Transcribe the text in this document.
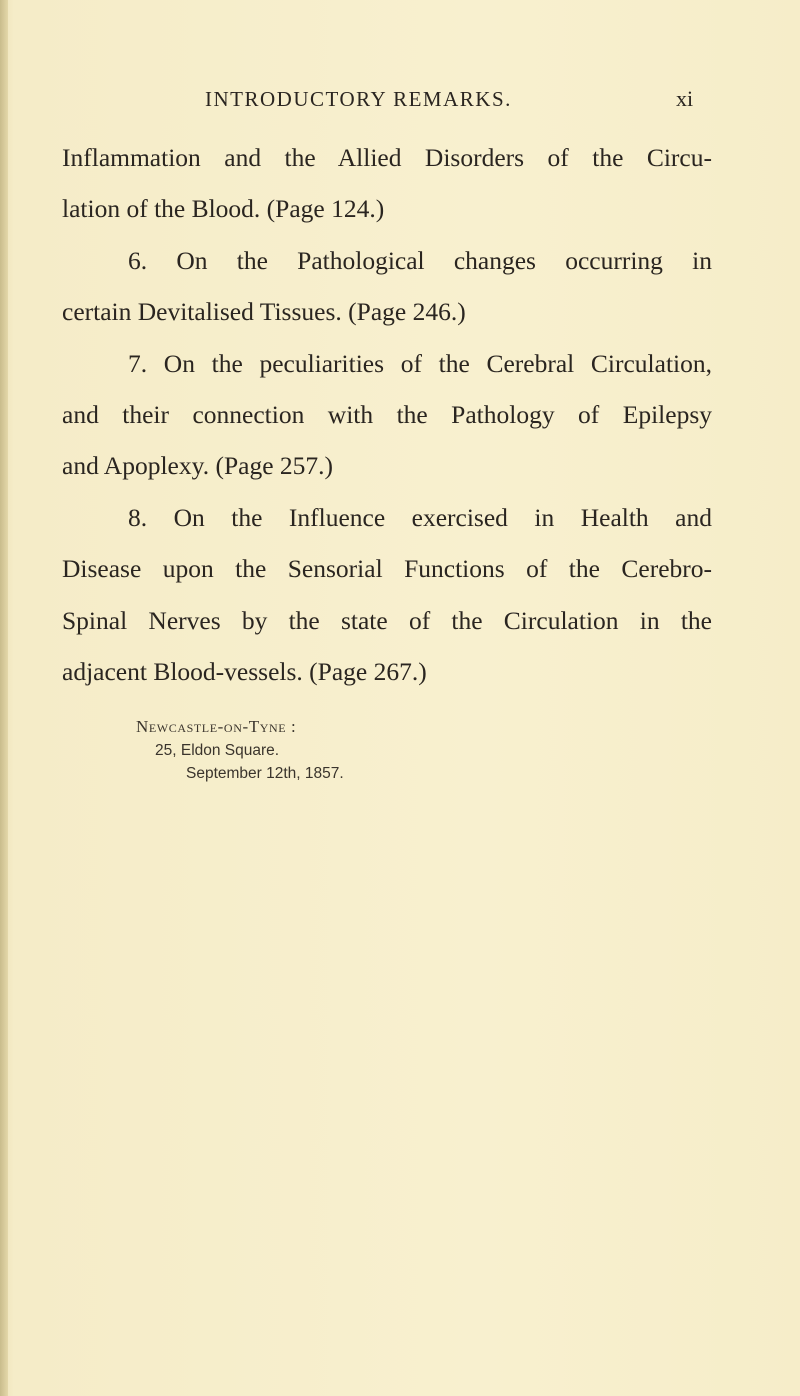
INTRODUCTORY REMARKS.	xi
Inflammation and the Allied Disorders of the Circu-
lation of the Blood. (Page 124.)
6. On the Pathological changes occurring in
certain Devitalised Tissues. (Page 246.)
7. On the peculiarities of the Cerebral Circulation,
and their connection with the Pathology of Epilepsy
and Apoplexy. (Page 257.)
8. On the Influence exercised in Health and
Disease upon the Sensorial Functions of the Cerebro-
Spinal Nerves by the state of the Circulation in the
adjacent Blood-vessels. (Page 267.)
Newcastle-on-Tyne :
25, Eldon Square.
September 12th, 1857.
